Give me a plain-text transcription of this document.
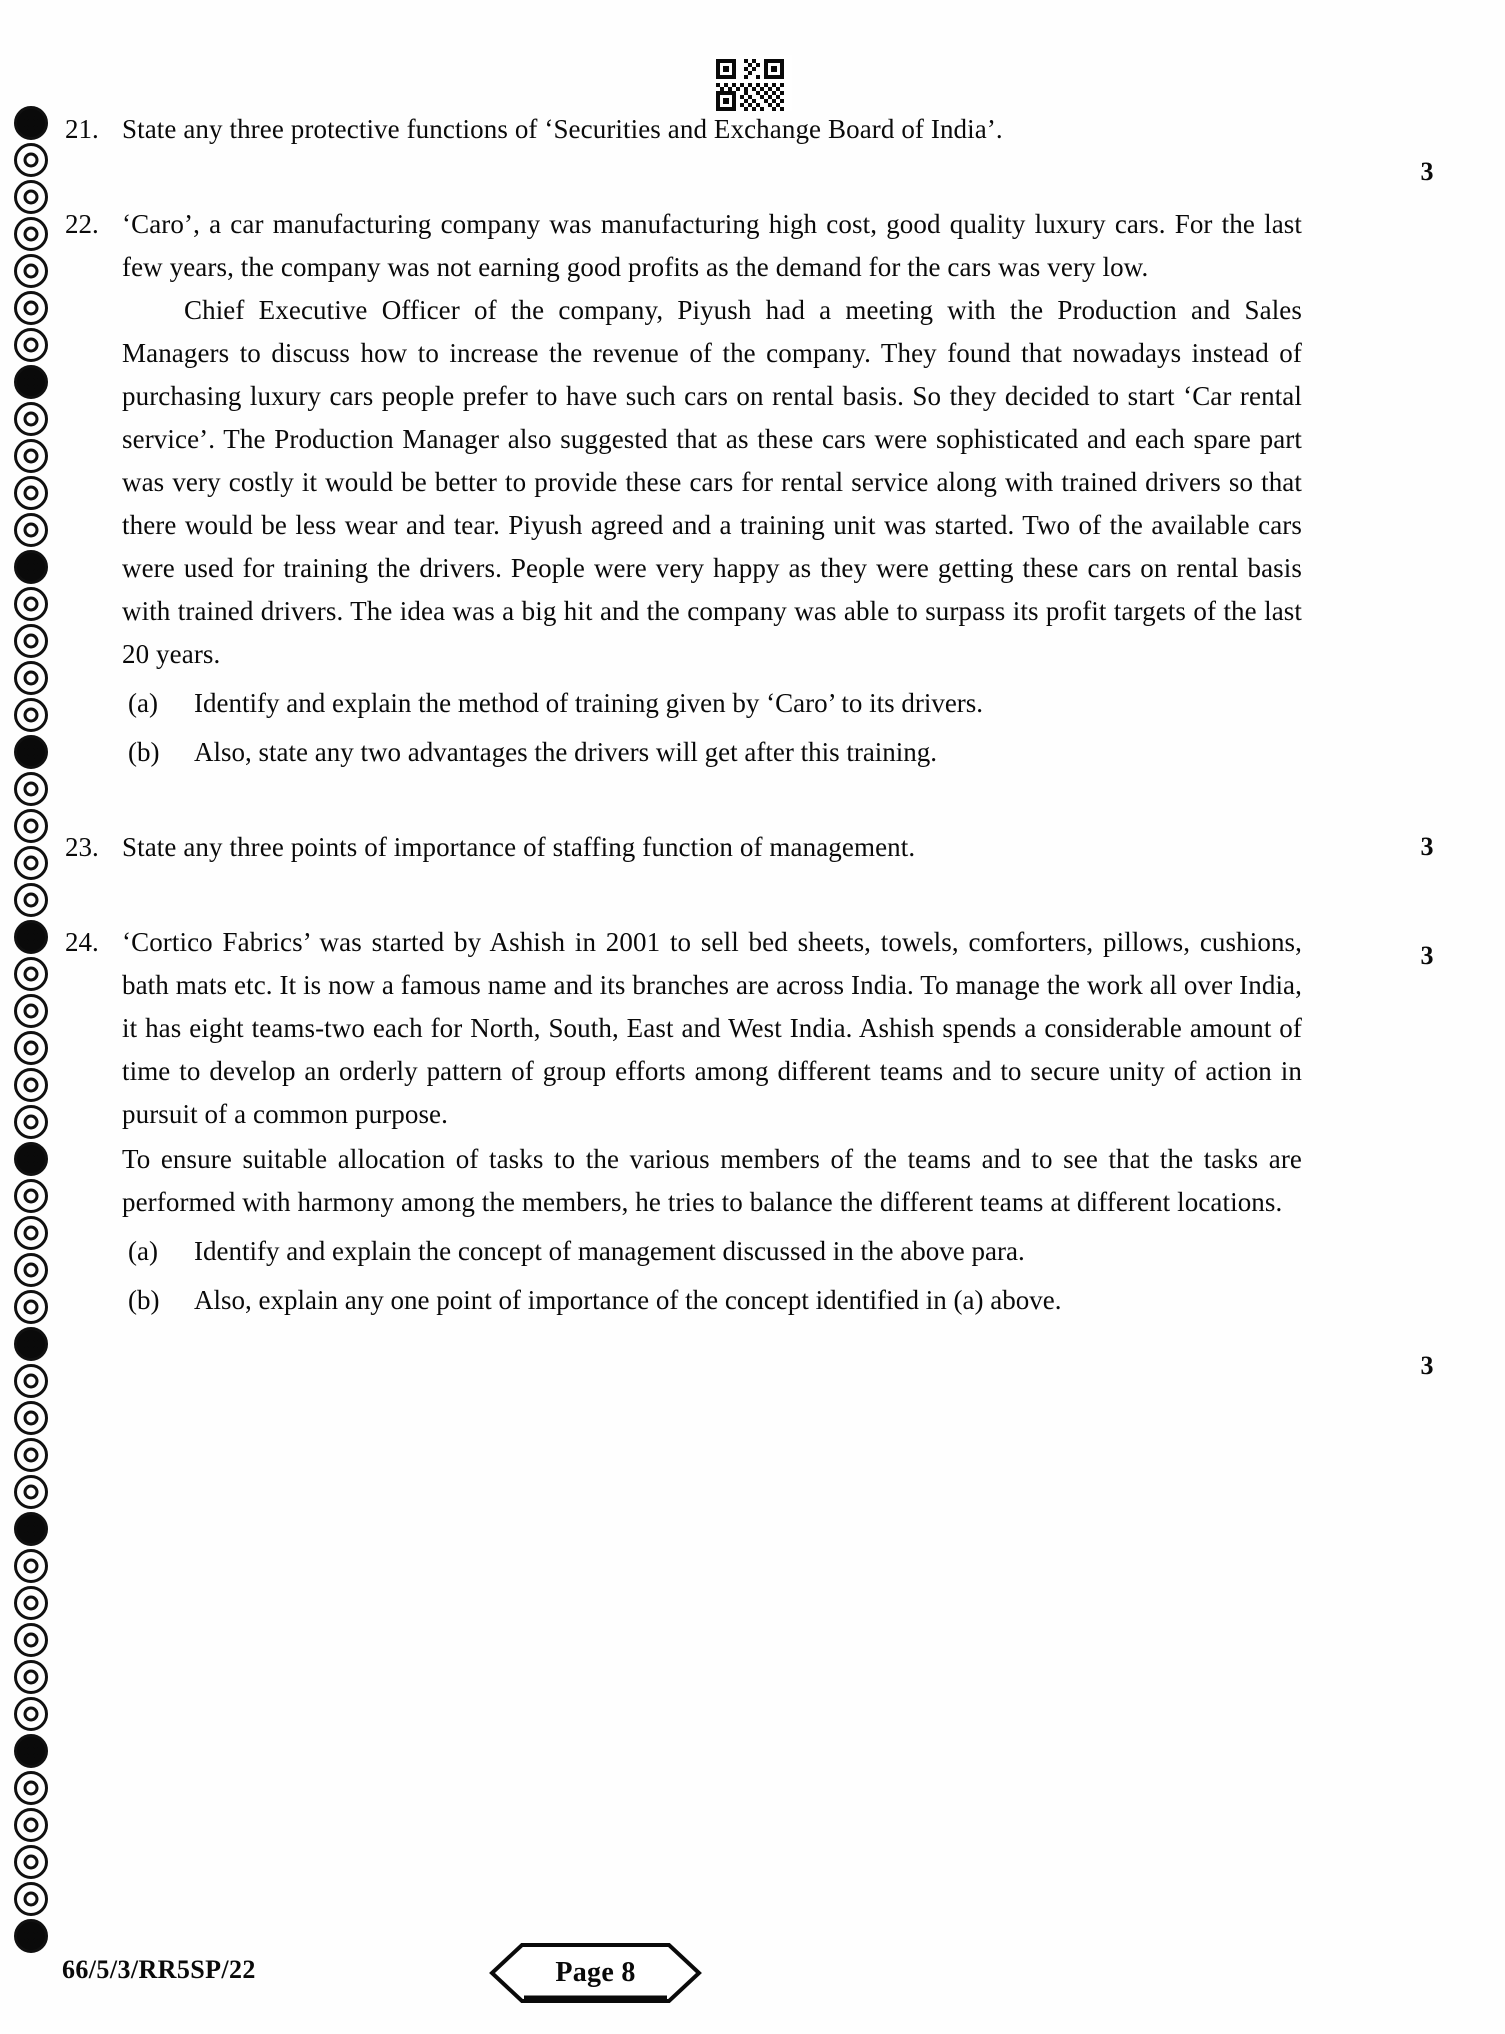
21. State any three protective functions of ‘Securities and Exchange Board of India’.

3
22. ‘Caro’, a car manufacturing company was manufacturing high cost, good quality luxury cars. For the last few years, the company was not earning good profits as the demand for the cars was very low.

Chief Executive Officer of the company, Piyush had a meeting with the Production and Sales Managers to discuss how to increase the revenue of the company. They found that nowadays instead of purchasing luxury cars people prefer to have such cars on rental basis. So they decided to start ‘Car rental service’. The Production Manager also suggested that as these cars were sophisticated and each spare part was very costly it would be better to provide these cars for rental service along with trained drivers so that there would be less wear and tear. Piyush agreed and a training unit was started. Two of the available cars were used for training the drivers. People were very happy as they were getting these cars on rental basis with trained drivers. The idea was a big hit and the company was able to surpass its profit targets of the last 20 years.

(a)	Identify and explain the method of training given by ‘Caro’ to its drivers.
(b)	Also, state any two advantages the drivers will get after this training.
3
23. State any three points of importance of staffing function of management.	3
24. ‘Cortico Fabrics’ was started by Ashish in 2001 to sell bed sheets, towels, comforters, pillows, cushions, bath mats etc. It is now a famous name and its branches are across India. To manage the work all over India, it has eight teams-two each for North, South, East and West India. Ashish spends a considerable amount of time to develop an orderly pattern of group efforts among different teams and to secure unity of action in pursuit of a common purpose.

To ensure suitable allocation of tasks to the various members of the teams and to see that the tasks are performed with harmony among the members, he tries to balance the different teams at different locations.

(a)	Identify and explain the concept of management discussed in the above para.
(b)	Also, explain any one point of importance of the concept identified in (a) above.
3
66/5/3/RR5SP/22	Page 8
